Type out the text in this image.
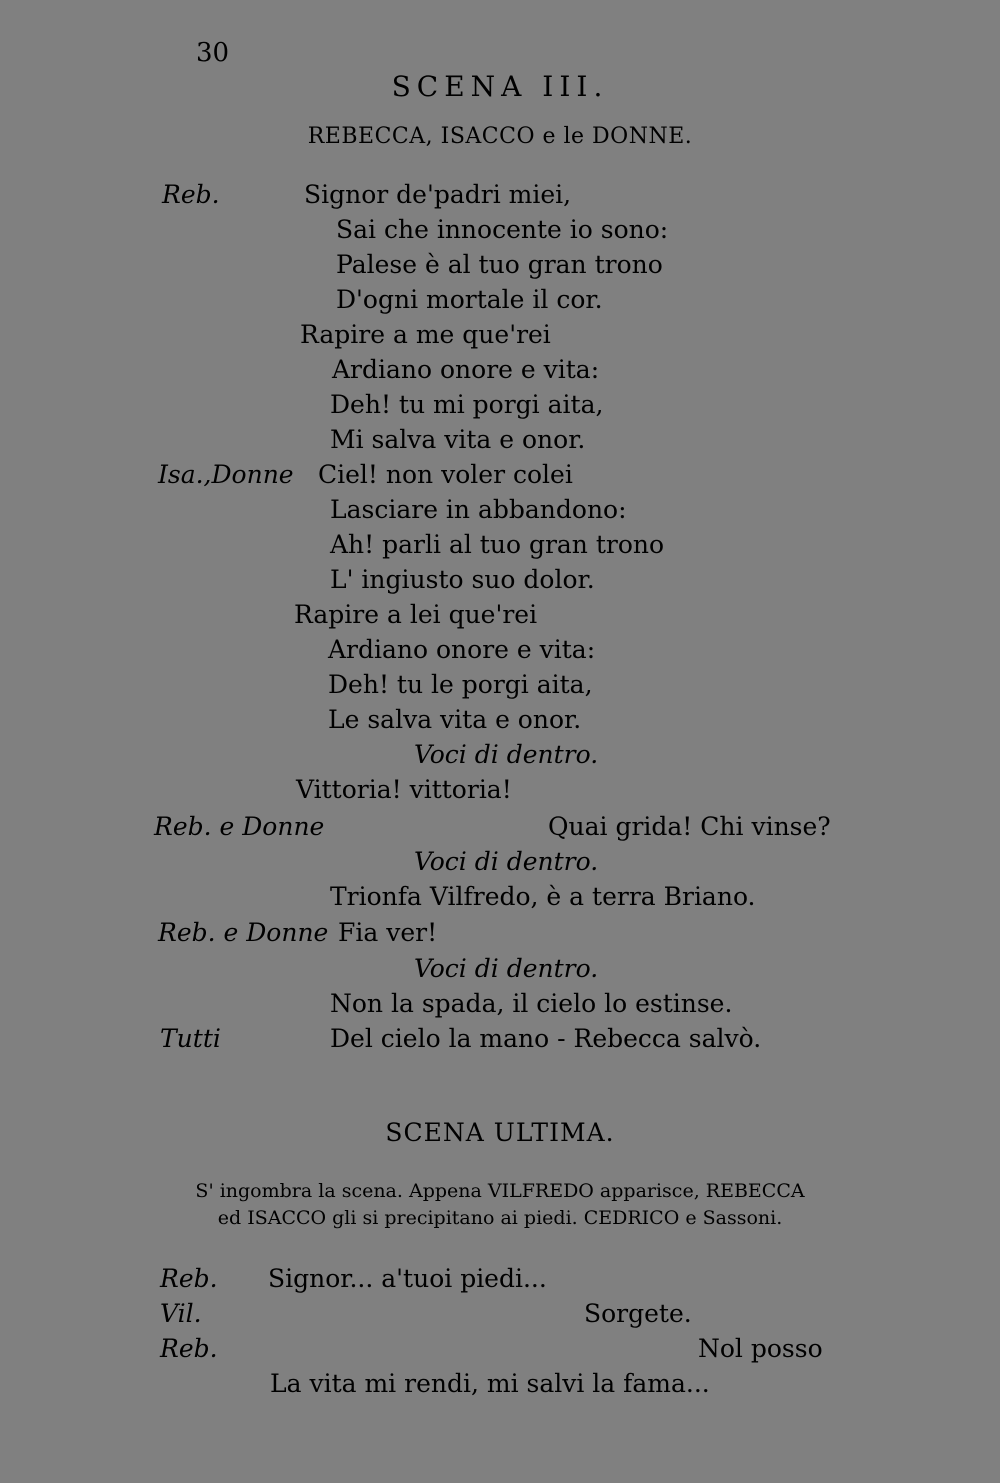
30
SCENA III.
REBECCA, ISACCO e le DONNE.
Reb.	Signor de'padri miei,
Sai che innocente io sono:
Palese è al tuo gran trono
D'ogni mortale il cor.
Rapire a me que'rei
Ardiano onore e vita:
Deh! tu mi porgi aita,
Mi salva vita e onor.
Isa.,Donne Ciel! non voler colei
Lasciare in abbandono:
Ah! parli al tuo gran trono
L' ingiusto suo dolor.
Rapire a lei que'rei
Ardiano onore e vita:
Deh! tu le porgi aita,
Le salva vita e onor.
Voci di dentro.
Vittoria! vittoria!
Reb. e Donne	Quai grida! Chi vinse?
Voci di dentro.
Trionfa Vilfredo, è a terra Briano.
Reb. e Donne Fia ver!
Voci di dentro.
Non la spada, il cielo lo estinse.
Tutti	Del cielo la mano - Rebecca salvò.
SCENA ULTIMA.
S' ingombra la scena. Appena VILFREDO apparisce, REBECCA
ed ISACCO gli si precipitano ai piedi. CEDRICO e Sassoni.
Reb. Signor... a'tuoi piedi...
Vil.	Sorgete.
Reb.	Nol posso
La vita mi rendi, mi salvi la fama...
